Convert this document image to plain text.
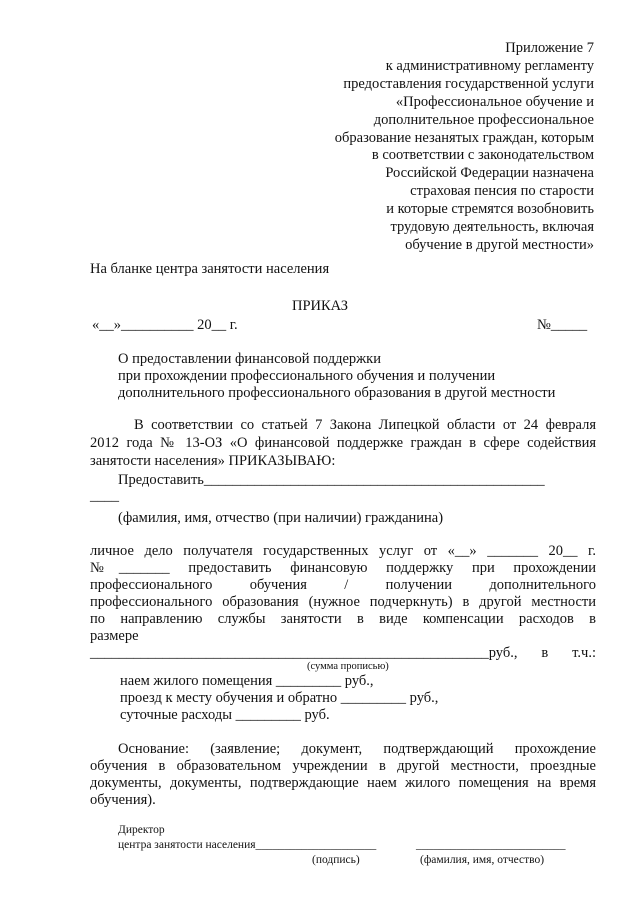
Приложение 7
к административному регламенту
предоставления государственной услуги
«Профессиональное обучение и
дополнительное профессиональное
образование незанятых граждан, которым
в соответствии с законодательством
Российской Федерации назначена
страховая пенсия по старости
и которые стремятся возобновить
трудовую деятельность, включая
обучение в другой местности»
На бланке центра занятости населения
ПРИКАЗ
«__»__________ 20__ г.	№_____
О предоставлении финансовой поддержки
при прохождении профессионального обучения и получении
дополнительного профессионального образования в другой местности
В соответствии со статьей 7 Закона Липецкой области от 24 февраля
2012 года № 13-ОЗ «О финансовой поддержке граждан в сфере содействия
занятости населения» ПРИКАЗЫВАЮ:
Предоставить_______________________________________________
____
(фамилия, имя, отчество (при наличии) гражданина)
личное дело получателя государственных услуг от «__» _______ 20__ г.
№_______ предоставить финансовую поддержку при прохождении
профессионального обучения / получении дополнительного
профессионального образования (нужное подчеркнуть) в другой местности
по направлению службы занятости в виде компенсации расходов в
размере
_______________________________________________________руб., в т.ч.:
(сумма прописью)
наем жилого помещения _________ руб.,
проезд к месту обучения и обратно _________ руб.,
суточные расходы _________ руб.
Основание: (заявление; документ, подтверждающий прохождение
обучения в образовательном учреждении в другой местности, проездные
документы, документы, подтверждающие наем жилого помещения на время
обучения).
Директор
центра занятости населения_____________________	__________________________
(подпись)	(фамилия, имя, отчество)
